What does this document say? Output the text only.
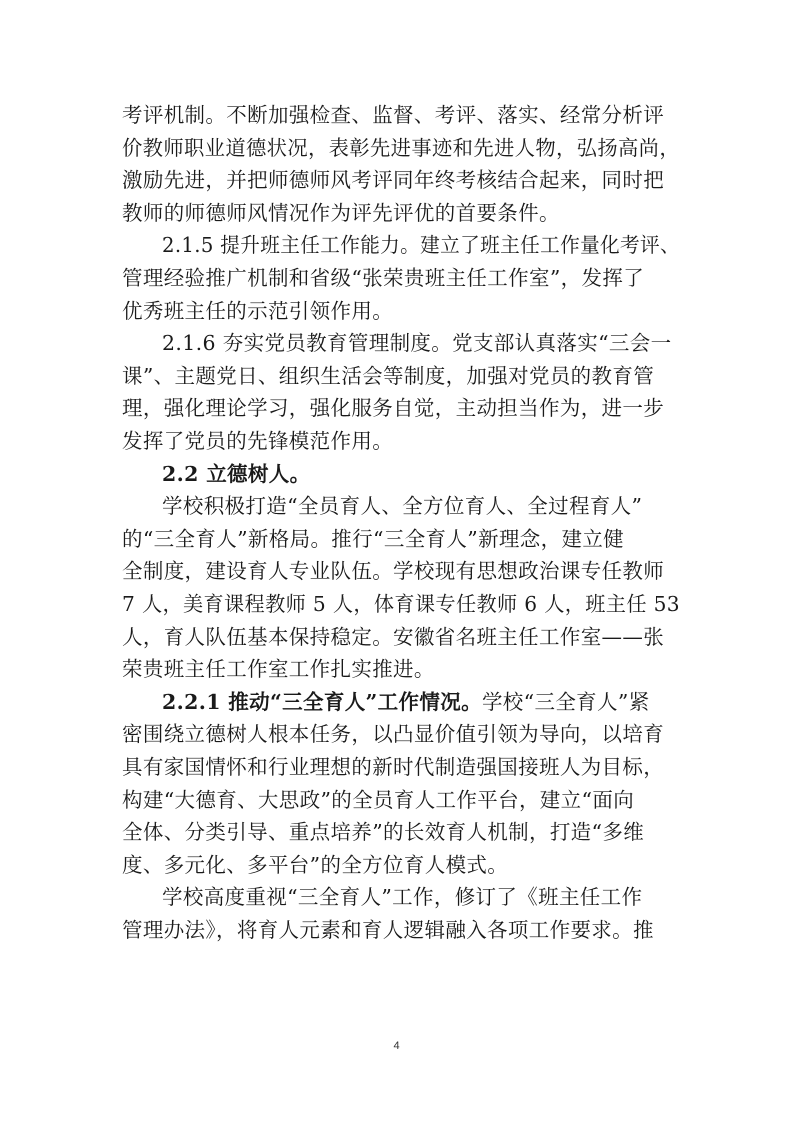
考评机制。不断加强检查、监督、考评、落实、经常分析评
价教师职业道德状况，表彰先进事迹和先进人物，弘扬高尚，
激励先进，并把师德师风考评同年终考核结合起来，同时把
教师的师德师风情况作为评先评优的首要条件。
2.1.5 提升班主任工作能力。建立了班主任工作量化考评、
管理经验推广机制和省级“张荣贵班主任工作室”，发挥了
优秀班主任的示范引领作用。
2.1.6 夯实党员教育管理制度。党支部认真落实“三会一
课”、主题党日、组织生活会等制度，加强对党员的教育管
理，强化理论学习，强化服务自觉，主动担当作为，进一步
发挥了党员的先锋模范作用。
2.2 立德树人。
学校积极打造“全员育人、全方位育人、全过程育人”
的“三全育人”新格局。推行“三全育人”新理念，建立健
全制度，建设育人专业队伍。学校现有思想政治课专任教师
7 人，美育课程教师 5 人，体育课专任教师 6 人，班主任 53
人，育人队伍基本保持稳定。安徽省名班主任工作室——张
荣贵班主任工作室工作扎实推进。
2.2.1 推动“三全育人”工作情况。学校“三全育人”紧
密围绕立德树人根本任务，以凸显价值引领为导向，以培育
具有家国情怀和行业理想的新时代制造强国接班人为目标，
构建“大德育、大思政”的全员育人工作平台，建立“面向
全体、分类引导、重点培养”的长效育人机制，打造“多维
度、多元化、多平台”的全方位育人模式。
学校高度重视“三全育人”工作，修订了《班主任工作
管理办法》，将育人元素和育人逻辑融入各项工作要求。推
4
